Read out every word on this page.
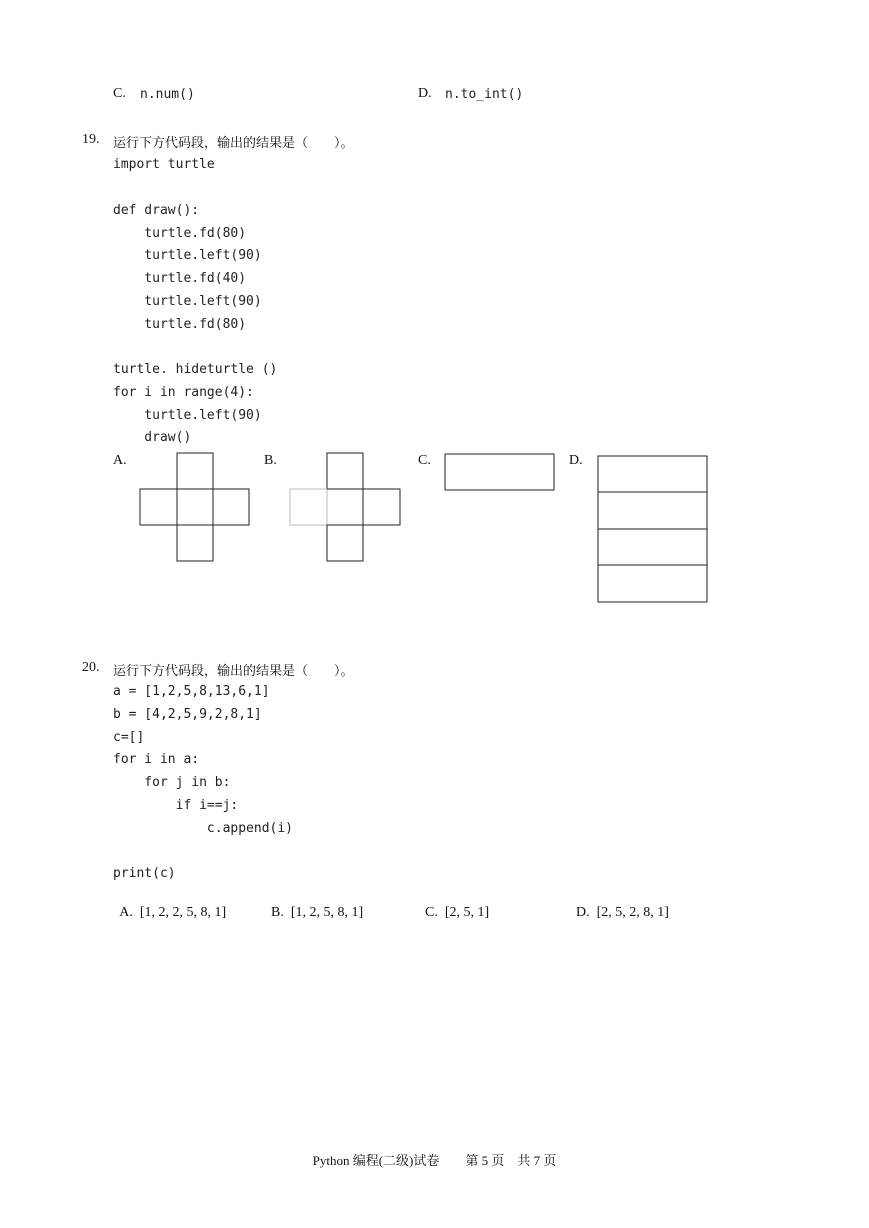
C. n.num()	D. n.to_int()
19. 运行下方代码段，输出的结果是（　　）。
import turtle
def draw():
turtle.fd(80)
turtle.left(90)
turtle.fd(40)
turtle.left(90)
turtle.fd(80)
turtle. hideturtle ()
for i in range(4):
turtle.left(90)
draw()
A.	B.	C.	D.
20. 运行下方代码段，输出的结果是（　　）。
a = [1,2,5,8,13,6,1]
b = [4,2,5,9,2,8,1]
c=[]
for i in a:
for j in b:
if i==j:
c.append(i)
print(c)

A. [1, 2, 2, 5, 8, 1]	B. [1, 2, 5, 8, 1]	C. [2, 5, 1]	D. [2, 5, 2, 8, 1]

Python 编程(二级)试卷　　第 5 页　共 7 页
